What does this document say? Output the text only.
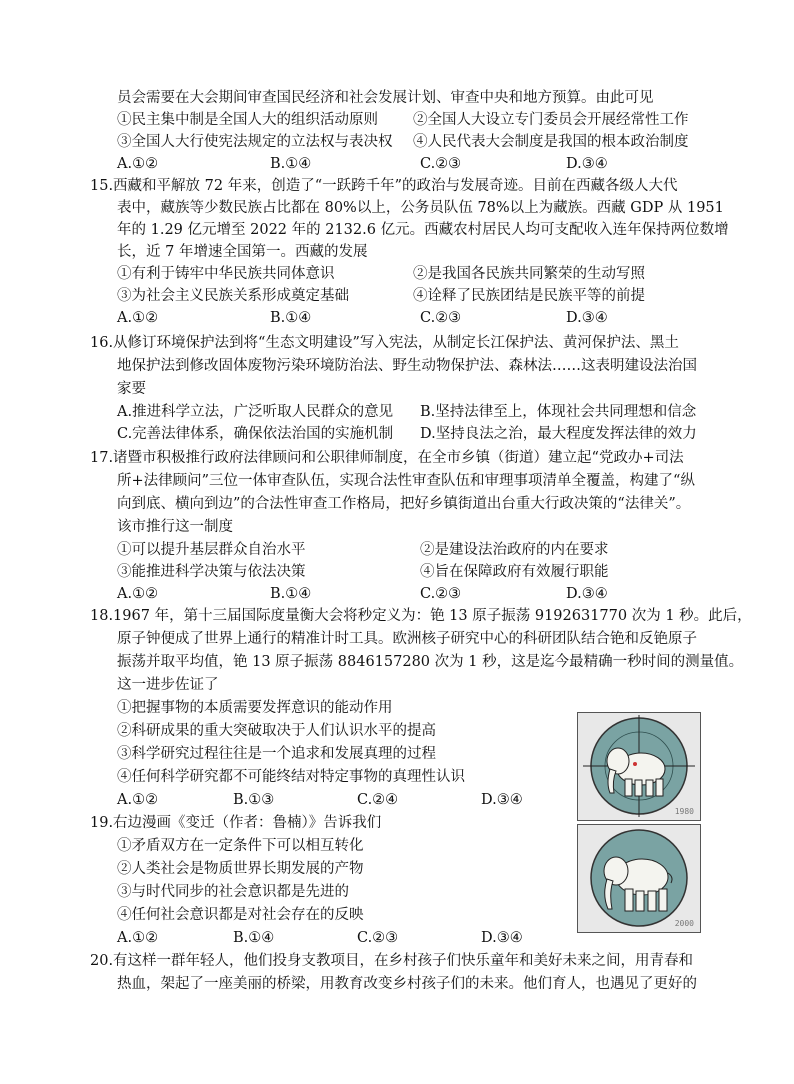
员会需要在大会期间审查国民经济和社会发展计划、审查中央和地方预算。由此可见
①民主集中制是全国人大的组织活动原则 ②全国人大设立专门委员会开展经常性工作
③全国人大行使宪法规定的立法权与表决权 ④人民代表大会制度是我国的根本政治制度
A.①②	B.①④	C.②③	D.③④
15.西藏和平解放 72 年来，创造了“一跃跨千年”的政治与发展奇迹。目前在西藏各级人大代
表中，藏族等少数民族占比都在 80%以上，公务员队伍 78%以上为藏族。西藏 GDP 从 1951
年的 1.29 亿元增至 2022 年的 2132.6 亿元。西藏农村居民人均可支配收入连年保持两位数增
长，近 7 年增速全国第一。西藏的发展
①有利于铸牢中华民族共同体意识	②是我国各民族共同繁荣的生动写照
③为社会主义民族关系形成奠定基础	④诠释了民族团结是民族平等的前提
A.①②	B.①④	C.②③	D.③④
16.从修订环境保护法到将“生态文明建设”写入宪法，从制定长江保护法、黄河保护法、黑土
地保护法到修改固体废物污染环境防治法、野生动物保护法、森林法……这表明建设法治国
家要
A.推进科学立法，广泛听取人民群众的意见 B.坚持法律至上，体现社会共同理想和信念
C.完善法律体系，确保依法治国的实施机制 D.坚持良法之治，最大程度发挥法律的效力
17.诸暨市积极推行政府法律顾问和公职律师制度，在全市乡镇（街道）建立起“党政办+司法
所+法律顾问”三位一体审查队伍，实现合法性审查队伍和审理事项清单全覆盖，构建了“纵
向到底、横向到边”的合法性审查工作格局，把好乡镇街道出台重大行政决策的“法律关”。
该市推行这一制度
①可以提升基层群众自治水平	②是建设法治政府的内在要求
③能推进科学决策与依法决策	④旨在保障政府有效履行职能
A.①②	B.①④	C.②③	D.③④
18.1967 年，第十三届国际度量衡大会将秒定义为：铯 13 原子振荡 9192631770 次为 1 秒。此后，
原子钟便成了世界上通行的精准计时工具。欧洲核子研究中心的科研团队结合铯和反铯原子
振荡并取平均值，铯 13 原子振荡 8846157280 次为 1 秒，这是迄今最精确一秒时间的测量值。
这一进步佐证了
①把握事物的本质需要发挥意识的能动作用
②科研成果的重大突破取决于人们认识水平的提高
③科学研究过程往往是一个追求和发展真理的过程
④任何科学研究都不可能终结对特定事物的真理性认识
A.①②	B.①③	C.②④	D.③④
19.右边漫画《变迁（作者：鲁楠）》告诉我们
①矛盾双方在一定条件下可以相互转化
②人类社会是物质世界长期发展的产物
③与时代同步的社会意识都是先进的
④任何社会意识都是对社会存在的反映
A.①②	B.①④	C.②③	D.③④
20.有这样一群年轻人，他们投身支教项目，在乡村孩子们快乐童年和美好未来之间，用青春和
热血，架起了一座美丽的桥梁，用教育改变乡村孩子们的未来。他们育人，也遇见了更好的
1980
2000
